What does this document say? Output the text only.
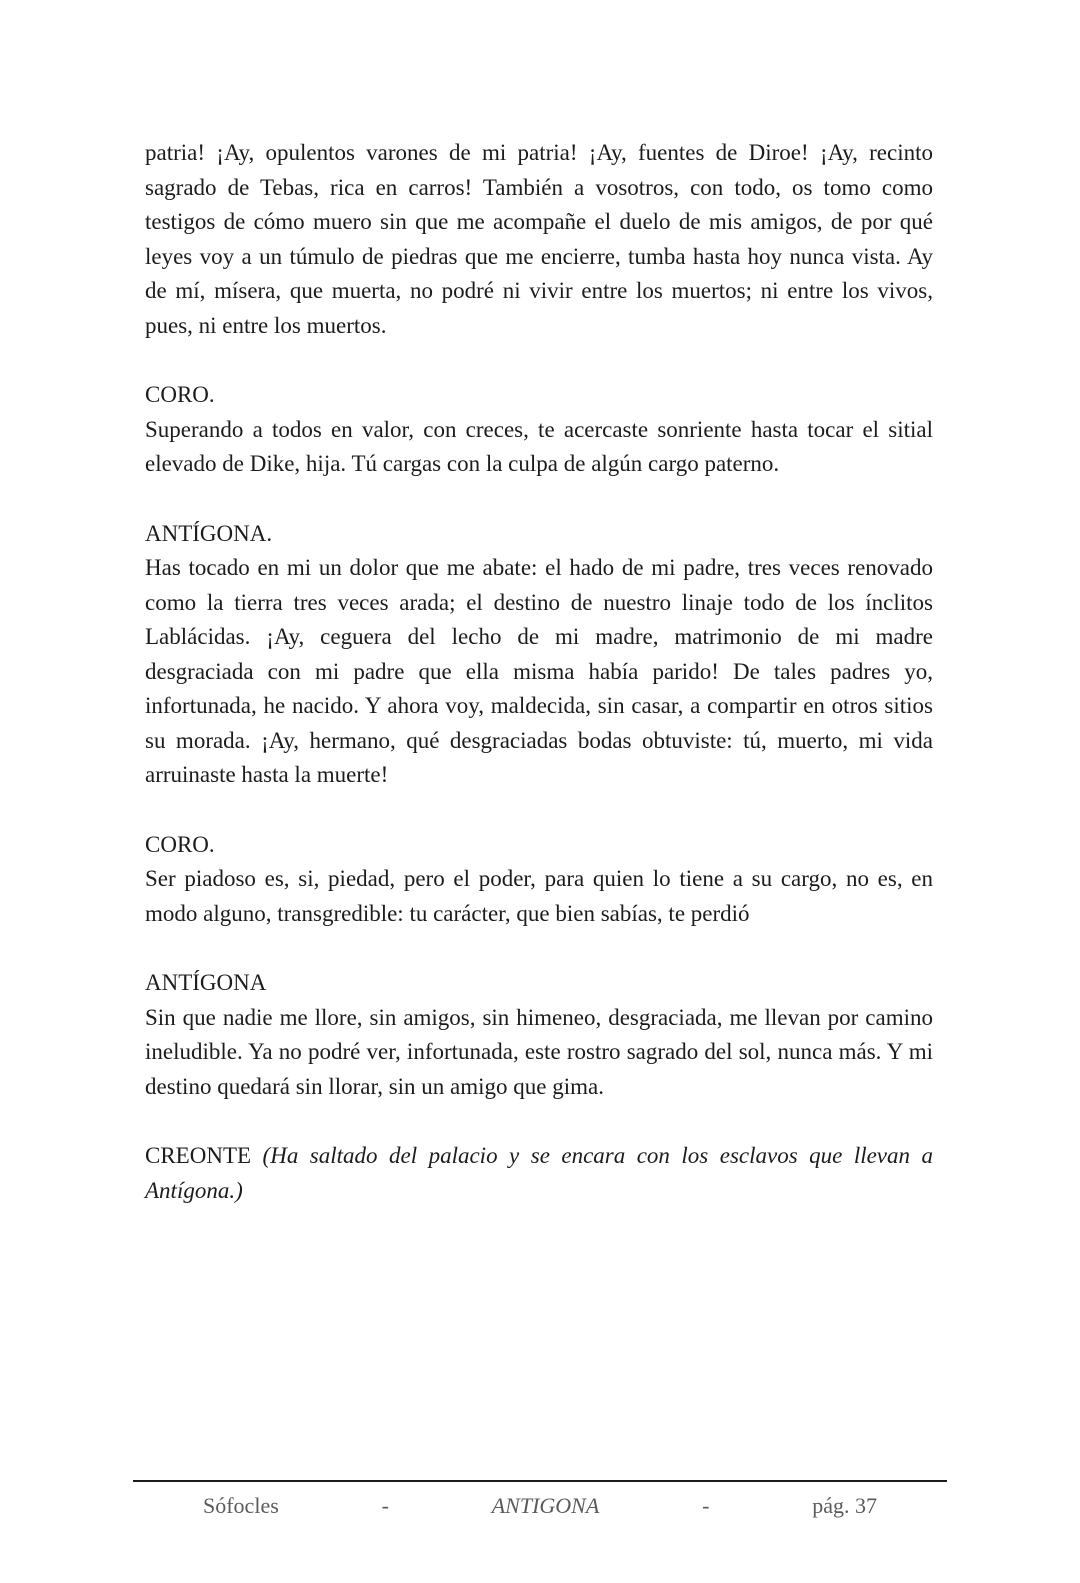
patria! ¡Ay, opulentos varones de mi patria! ¡Ay, fuentes de Diroe! ¡Ay, recinto sagrado de Tebas, rica en carros! También a vosotros, con todo, os tomo como testigos de cómo muero sin que me acompañe el duelo de mis amigos, de por qué leyes voy a un túmulo de piedras que me encierre, tumba hasta hoy nunca vista. Ay de mí, mísera, que muerta, no podré ni vivir entre los muertos; ni entre los vivos, pues, ni entre los muertos.

CORO.

Superando a todos en valor, con creces, te acercaste sonriente hasta tocar el sitial elevado de Dike, hija. Tú cargas con la culpa de algún cargo paterno.

ANTÍGONA.

Has tocado en mi un dolor que me abate: el hado de mi padre, tres veces renovado como la tierra tres veces arada; el destino de nuestro linaje todo de los ínclitos Lablácidas. ¡Ay, ceguera del lecho de mi madre, matrimonio de mi madre desgraciada con mi padre que ella misma había parido! De tales padres yo, infortunada, he nacido. Y ahora voy, maldecida, sin casar, a compartir en otros sitios su morada. ¡Ay, hermano, qué desgraciadas bodas obtuviste: tú, muerto, mi vida arruinaste hasta la muerte!

CORO.

Ser piadoso es, si, piedad, pero el poder, para quien lo tiene a su cargo, no es, en modo alguno, transgredible: tu carácter, que bien sabías, te perdió

ANTÍGONA

Sin que nadie me llore, sin amigos, sin himeneo, desgraciada, me llevan por camino ineludible. Ya no podré ver, infortunada, este rostro sagrado del sol, nunca más. Y mi destino quedará sin llorar, sin un amigo que gima.

CREONTE (Ha saltado del palacio y se encara con los esclavos que llevan a Antígona.)

Sófocles	-	ANTIGONA	-	pág. 37
